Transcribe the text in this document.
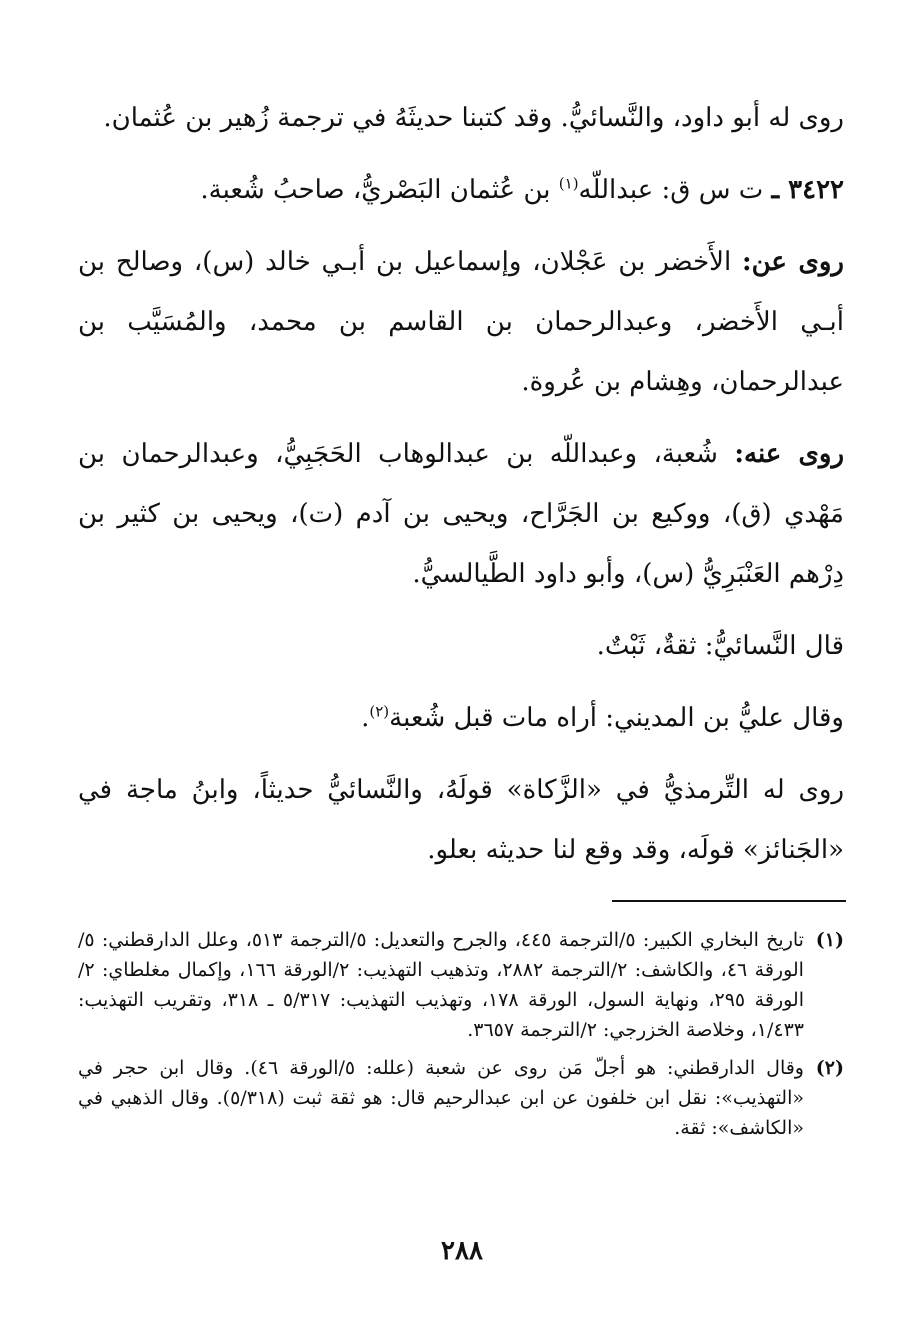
روى له أبو داود، والنَّسائيُّ. وقد كتبنا حديثَهُ في ترجمة زُهير بن عُثمان.

٣٤٢٢ ـ ت س ق: عبداللّه$^{(١)}$ بن عُثمان البَصْريُّ، صاحبُ شُعبة.

روى عن: الأَخضر بن عَجْلان، وإسماعيل بن أبـي خالد (س)، وصالح بن أبـي الأَخضر، وعبدالرحمان بن القاسم بن محمد، والمُسَيَّب بن عبدالرحمان، وهِشام بن عُروة.

روى عنه: شُعبة، وعبداللّه بن عبدالوهاب الحَجَبِيُّ، وعبدالرحمان بن مَهْدي (ق)، ووكيع بن الجَرَّاح، ويحيى بن آدم (ت)، ويحيى بن كثير بن دِرْهم العَنْبَرِيُّ (س)، وأبو داود الطَّيالسيُّ.

قال النَّسائيُّ: ثقةٌ، ثَبْتٌ.

وقال عليُّ بن المديني: أراه مات قبل شُعبة$^{(٢)}$.

روى له التِّرمذيُّ في «الزَّكاة» قولَهُ، والنَّسائيُّ حديثاً، وابنُ ماجة في «الجَنائز» قولَه، وقد وقع لنا حديثه بعلو.

(١)
تاريخ البخاري الكبير: ٥/الترجمة ٤٤٥، والجرح والتعديل: ٥/الترجمة ٥١٣، وعلل الدارقطني: ٥/الورقة ٤٦، والكاشف: ٢/الترجمة ٢٨٨٢، وتذهيب التهذيب: ٢/الورقة ١٦٦، وإكمال مغلطاي: ٢/الورقة ٢٩٥، ونهاية السول، الورقة ١٧٨، وتهذيب التهذيب: ٥/٣١٧ ـ ٣١٨، وتقريب التهذيب: ١/٤٣٣، وخلاصة الخزرجي: ٢/الترجمة ٣٦٥٧.
(٢)
وقال الدارقطني: هو أجلّ مَن روى عن شعبة (علله: ٥/الورقة ٤٦). وقال ابن حجر في «التهذيب»: نقل ابن خلفون عن ابن عبدالرحيم قال: هو ثقة ثبت (٥/٣١٨). وقال الذهبي في «الكاشف»: ثقة.
٢٨٨
